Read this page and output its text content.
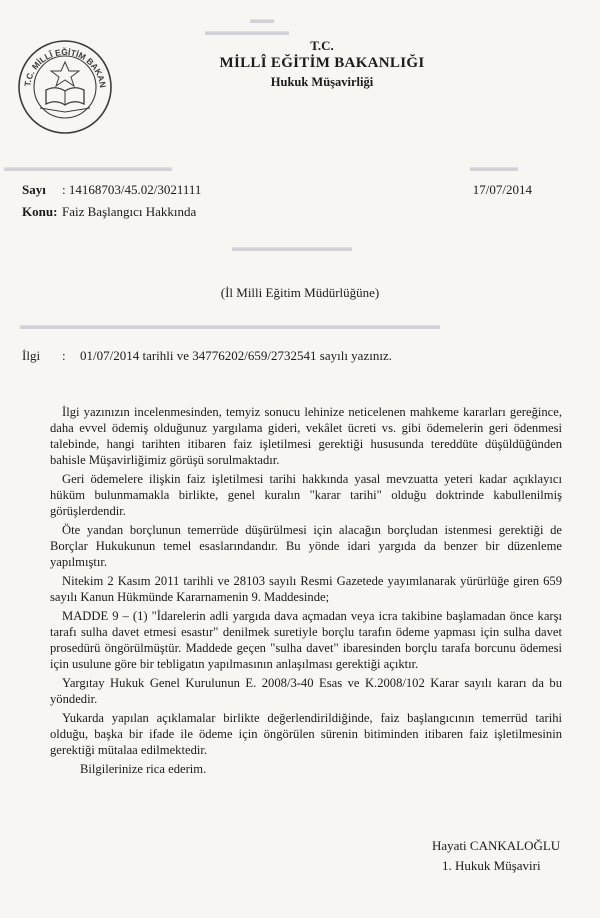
▬▬
▬▬▬▬▬▬▬
▬▬▬▬▬▬▬▬▬▬▬▬▬▬	▬▬▬▬
▬▬▬▬▬▬▬▬▬▬
▬▬▬▬▬▬▬▬▬▬▬▬▬▬▬▬▬▬▬▬▬▬▬▬▬▬▬▬▬▬▬▬▬▬▬
T.C. MİLLÎ EĞİTİM BAKAN
T.C.
MİLLÎ EĞİTİM BAKANLIĞI
Hukuk Müşavirliği
Sayı : 14168703/45.02/3021111
Konu: Faiz Başlangıcı Hakkında
17/07/2014
(İl Milli Eğitim Müdürlüğüne)
İlgi : 01/07/2014 tarihli ve 34776202/659/2732541 sayılı yazınız.

İlgi yazınızın incelenmesinden, temyiz sonucu lehinize neticelenen mahkeme kararları gereğince, daha evvel ödemiş olduğunuz yargılama gideri, vekâlet ücreti vs. gibi ödemelerin geri ödenmesi talebinde, hangi tarihten itibaren faiz işletilmesi gerektiği hususunda tereddüte düşüldüğünden bahisle Müşavirliğimiz görüşü sorulmaktadır.

Geri ödemelere ilişkin faiz işletilmesi tarihi hakkında yasal mevzuatta yeteri kadar açıklayıcı hüküm bulunmamakla birlikte, genel kuralın "karar tarihi" olduğu doktrinde kabullenilmiş görüşlerdendir.

Öte yandan borçlunun temerrüde düşürülmesi için alacağın borçludan istenmesi gerektiği de Borçlar Hukukunun temel esaslarındandır. Bu yönde idari yargıda da benzer bir düzenleme yapılmıştır.

Nitekim 2 Kasım 2011 tarihli ve 28103 sayılı Resmi Gazetede yayımlanarak yürürlüğe giren 659 sayılı Kanun Hükmünde Kararnamenin 9. Maddesinde;

MADDE 9 – (1) "İdarelerin adli yargıda dava açmadan veya icra takibine başlamadan önce karşı tarafı sulha davet etmesi esastır" denilmek suretiyle borçlu tarafın ödeme yapması için sulha davet prosedürü öngörülmüştür. Maddede geçen "sulha davet" ibaresinden borçlu tarafa borcunu ödemesi için usulune göre bir tebligatın yapılmasının anlaşılması gerektiği açıktır.

Yargıtay Hukuk Genel Kurulunun E. 2008/3-40 Esas ve K.2008/102 Karar sayılı kararı da bu yöndedir.

Yukarda yapılan açıklamalar birlikte değerlendirildiğinde, faiz başlangıcının temerrüd tarihi olduğu, başka bir ifade ile ödeme için öngörülen sürenin bitiminden itibaren faiz işletilmesinin gerektiği mütalaa edilmektedir.

Bilgilerinize rica ederim.

Hayati CANKALOĞLU
1. Hukuk Müşaviri
